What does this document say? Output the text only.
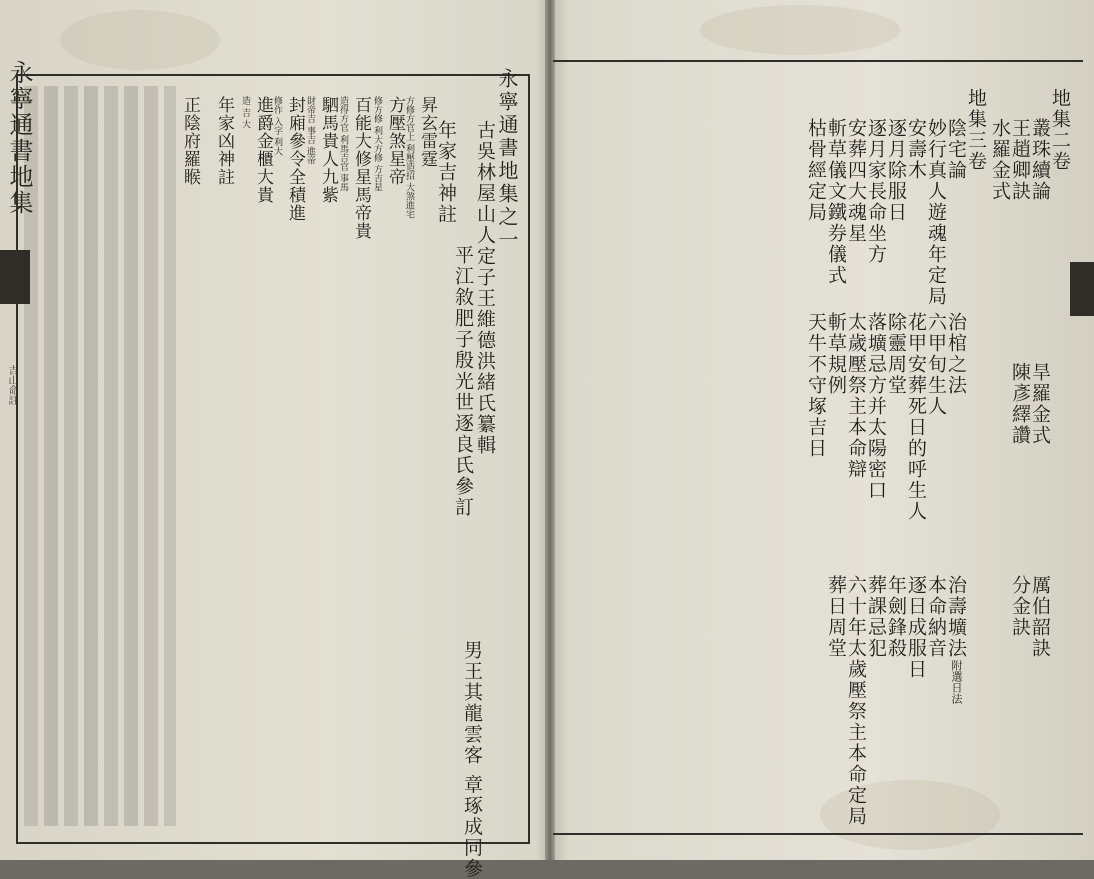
永寧通書地集
吉山命註
永寧通書地集之一
古吳林屋山人定子王維德洪緒氏纂輯
平江敘肥子殷光世逐良氏參訂
男王其龍雲客 章琢成同參
年家吉神註
昇玄雷霆
方修方官上 利壓造招 大煞進宅
方壓煞星帝
修方修 利大方修 方吉星
百能大修星馬帝貴
造得方官 利馬吉官 事馬
駟馬貴人九紫
財帝吉 事吉 進帝
封廂參令全積進
修作 入字 利大
進爵金櫃大貴
造 吉 大
年家凶神註
正陰府羅睺	地集二卷
叢珠續論
王趙卿訣
水羅金式
地集三卷
陰宅論
妙行真人遊魂年定局
安壽木
逐月除服日
逐月家長命坐方
安葬四大魂星
斬草儀文鐵券儀式
枯骨經定局
旱羅金式
陳彥繹讚
治棺之法
六甲旬生人
花甲安葬死日的呼生人
除靈周堂
落壙忌方并太陽密口
太歲壓祭主本命辯
斬草規例
天牛不守塚吉日
厲伯韶訣
分金訣
治壽壙法
附選日法
本命納音
逐日成服日
年劍鋒殺
葬課忌犯
六十年太歲壓祭主本命定局
葬日周堂
